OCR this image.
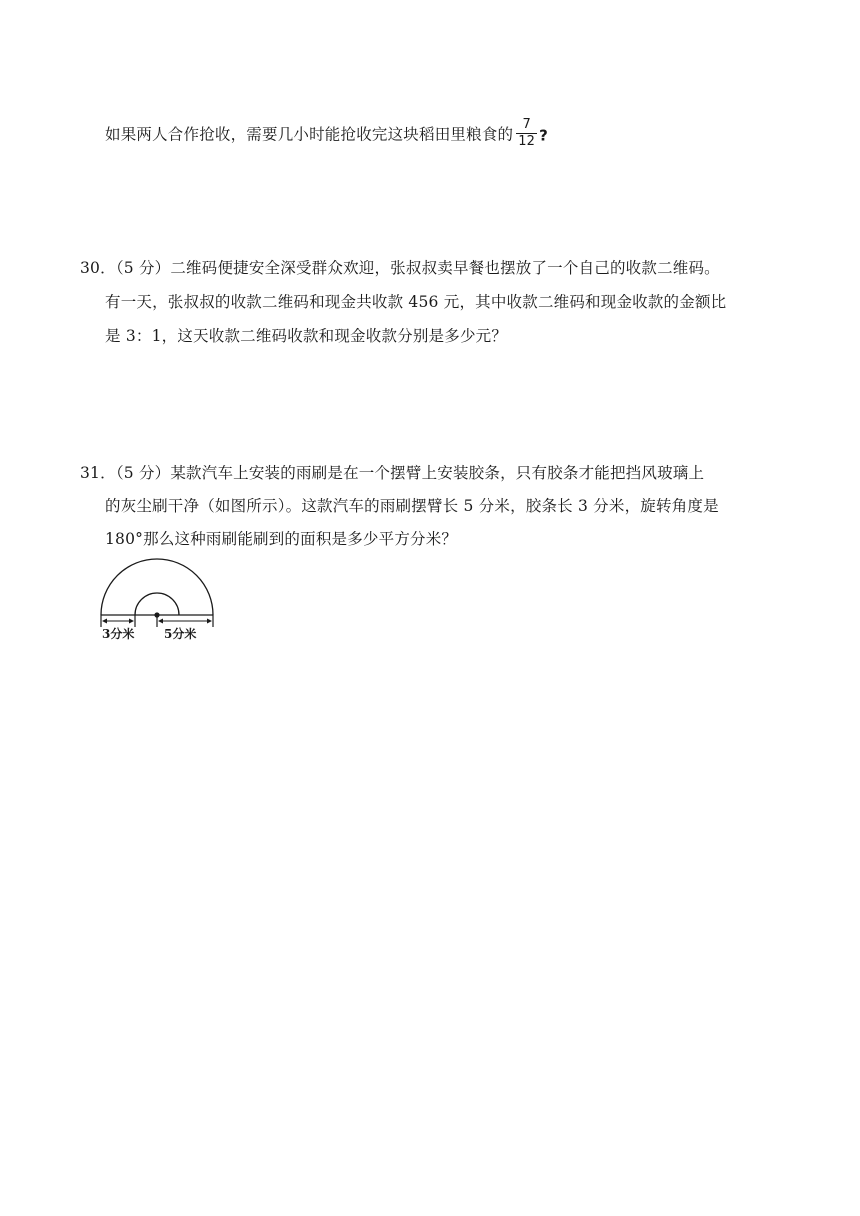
如果两人合作抢收，需要几小时能抢收完这块稻田里粮食的 $\frac{7}{12}$ ?
30．（5 分）二维码便捷安全深受群众欢迎，张叔叔卖早餐也摆放了一个自己的收款二维码。
有一天，张叔叔的收款二维码和现金共收款 456 元，其中收款二维码和现金收款的金额比
是 3：1，这天收款二维码收款和现金收款分别是多少元？
31．（5 分）某款汽车上安装的雨刷是在一个摆臂上安装胶条，只有胶条才能把挡风玻璃上
的灰尘刷干净（如图所示）。这款汽车的雨刷摆臂长 5 分米，胶条长 3 分米，旋转角度是
180°那么这种雨刷能刷到的面积是多少平方分米？
3分米 5分米
